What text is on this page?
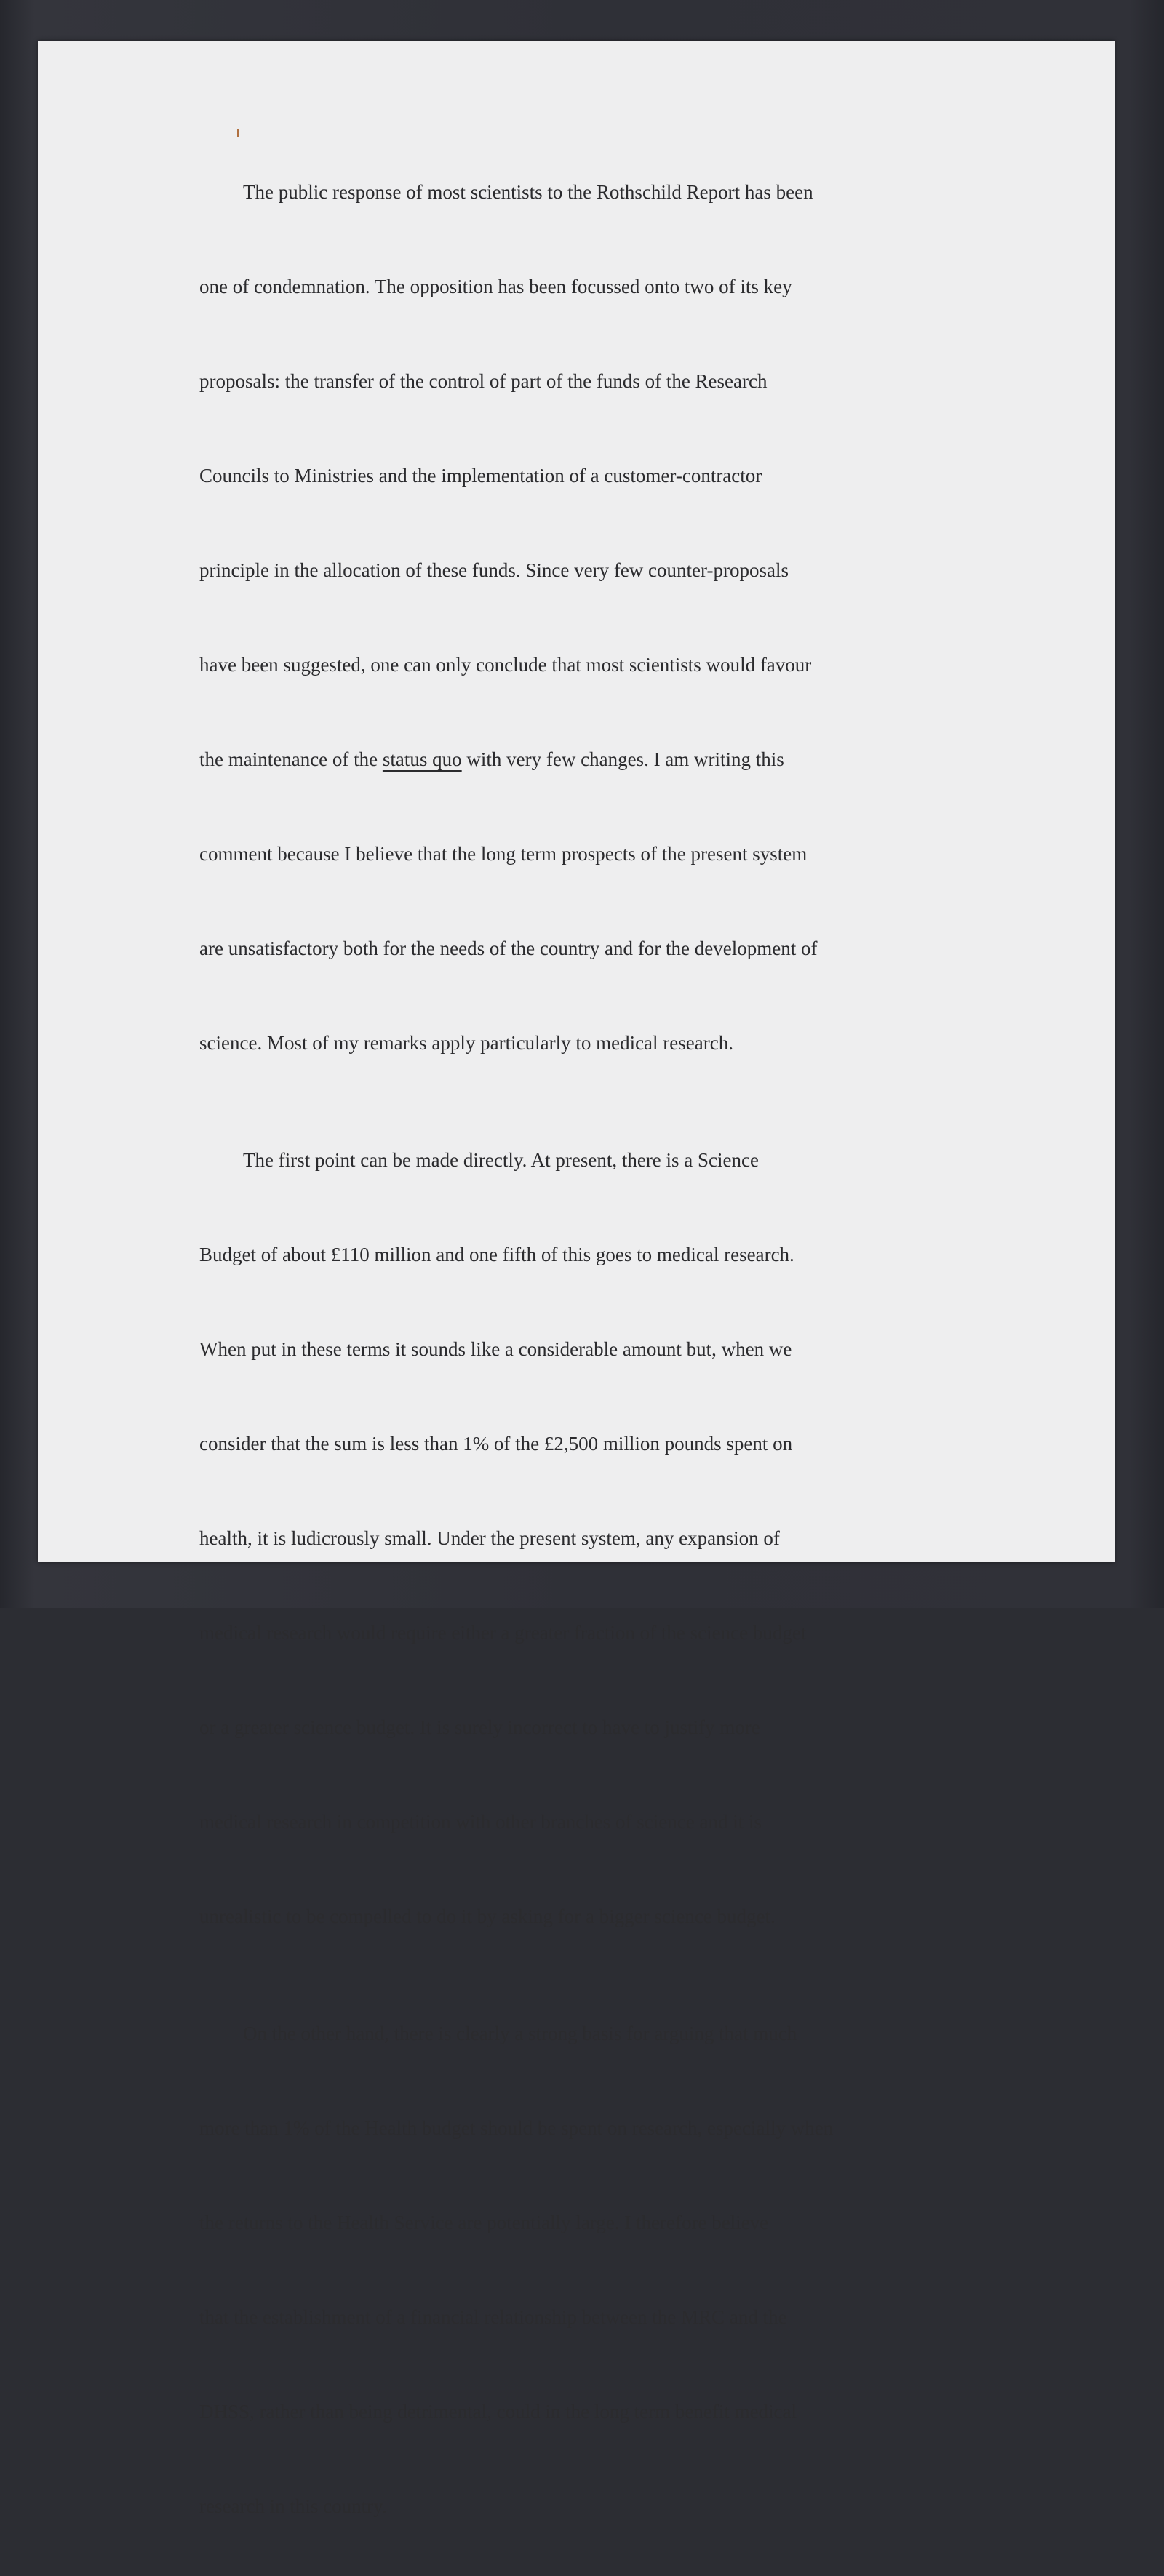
The public response of most scientists to the Rothschild Report has been

one of condemnation. The opposition has been focussed onto two of its key

proposals: the transfer of the control of part of the funds of the Research

Councils to Ministries and the implementation of a customer-contractor

principle in the allocation of these funds. Since very few counter-proposals

have been suggested, one can only conclude that most scientists would favour

the maintenance of the status quo with very few changes. I am writing this

comment because I believe that the long term prospects of the present system

are unsatisfactory both for the needs of the country and for the development of

science. Most of my remarks apply particularly to medical research.

The first point can be made directly. At present, there is a Science

Budget of about £110 million and one fifth of this goes to medical research.

When put in these terms it sounds like a considerable amount but, when we

consider that the sum is less than 1% of the £2,500 million pounds spent on

health, it is ludicrously small. Under the present system, any expansion of

medical research would require either a greater fraction of the science budget

or a greater science budget. It is surely incorrect to have to justify more

medical research in competition with other branches of science and it is

unrealistic to be compelled to do it by asking for a bigger science budget.

On the other hand, there is clearly a strong basis for arguing that much

more than 1% of the Health budget should be spent on research, especially when

the returns to the Health Service are potentially large. I therefore believe

that the establishment of a financial relationship between the MRC and the

DHSS, rather than being detrimental, could in the long term benefit medical

research in this country.
